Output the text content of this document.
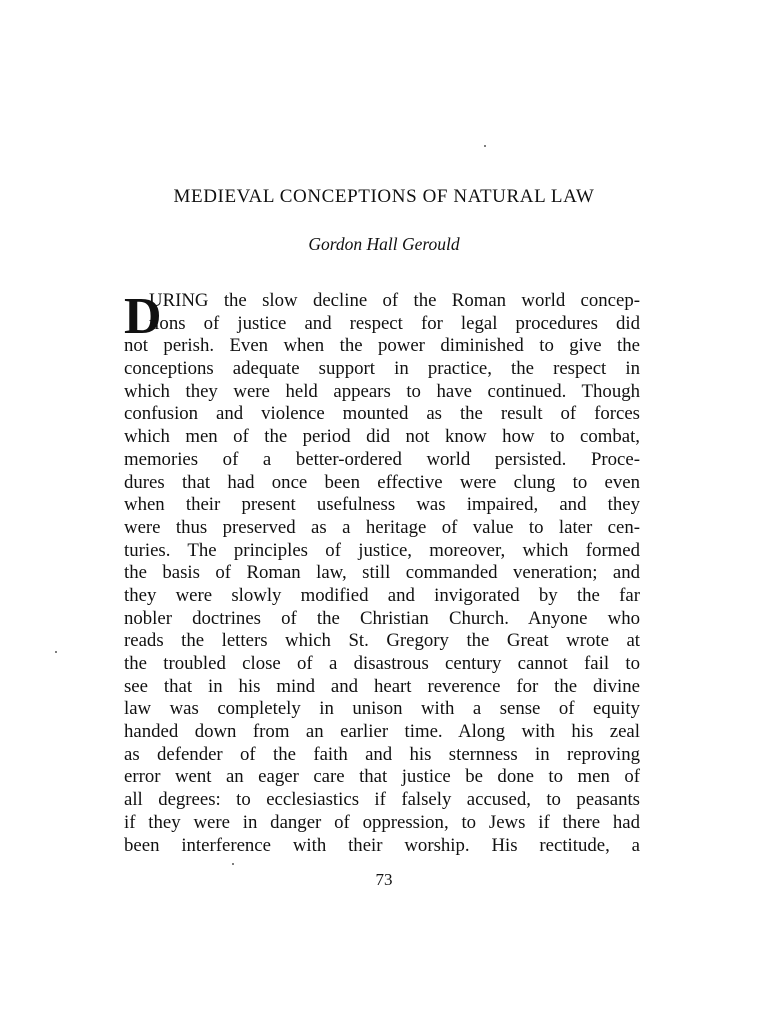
MEDIEVAL CONCEPTIONS OF NATURAL LAW
Gordon Hall Gerould
D
URING the slow decline of the Roman world concep-
tions of justice and respect for legal procedures did
not perish. Even when the power diminished to give the
conceptions adequate support in practice, the respect in
which they were held appears to have continued. Though
confusion and violence mounted as the result of forces
which men of the period did not know how to combat,
memories of a better-ordered world persisted. Proce-
dures that had once been effective were clung to even
when their present usefulness was impaired, and they
were thus preserved as a heritage of value to later cen-
turies. The principles of justice, moreover, which formed
the basis of Roman law, still commanded veneration; and
they were slowly modified and invigorated by the far
nobler doctrines of the Christian Church. Anyone who
reads the letters which St. Gregory the Great wrote at
the troubled close of a disastrous century cannot fail to
see that in his mind and heart reverence for the divine
law was completely in unison with a sense of equity
handed down from an earlier time. Along with his zeal
as defender of the faith and his sternness in reproving
error went an eager care that justice be done to men of
all degrees: to ecclesiastics if falsely accused, to peasants
if they were in danger of oppression, to Jews if there had
been interference with their worship. His rectitude, a
73
